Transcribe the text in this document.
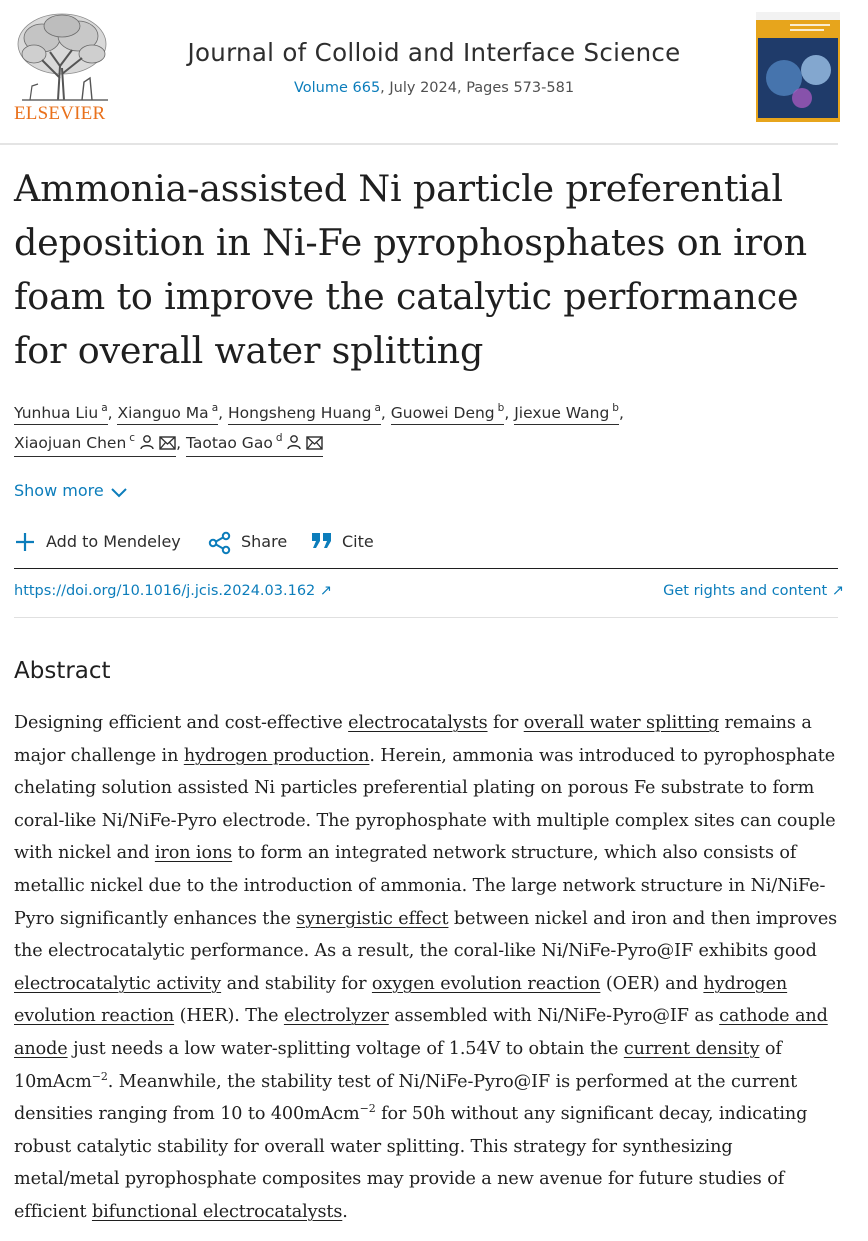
ELSEVIER
Journal of Colloid and Interface Science
Volume 665, July 2024, Pages 573-581
Ammonia-assisted Ni particle preferential deposition in Ni-Fe pyrophosphates on iron foam to improve the catalytic performance for overall water splitting
Yunhua Liu $^a$, Xianguo Ma $^a$, Hongsheng Huang $^a$, Guowei Deng $^b$, Jiexue Wang $^b$,
Xiaojuan Chen $^c$	, Taotao Gao $^d$
Show more
Add to Mendeley	Share	Cite
https://doi.org/10.1016/j.jcis.2024.03.162 ↗	Get rights and content ↗
Abstract

Designing efficient and cost-effective electrocatalysts for overall water splitting remains a major challenge in hydrogen production. Herein, ammonia was introduced to pyrophosphate chelating solution assisted Ni particles preferential plating on porous Fe substrate to form coral-like Ni/NiFe-Pyro electrode. The pyrophosphate with multiple complex sites can couple with nickel and iron ions to form an integrated network structure, which also consists of metallic nickel due to the introduction of ammonia. The large network structure in Ni/NiFe-Pyro significantly enhances the synergistic effect between nickel and iron and then improves the electrocatalytic performance. As a result, the coral-like Ni/NiFe-Pyro@IF exhibits good electrocatalytic activity and stability for oxygen evolution reaction (OER) and hydrogen evolution reaction (HER). The electrolyzer assembled with Ni/NiFe-Pyro@IF as cathode and anode just needs a low water-splitting voltage of 1.54V to obtain the current density of 10mAcm$^{-2}$. Meanwhile, the stability test of Ni/NiFe-Pyro@IF is performed at the current densities ranging from 10 to 400mAcm$^{-2}$ for 50h without any significant decay, indicating robust catalytic stability for overall water splitting. This strategy for synthesizing metal/metal pyrophosphate composites may provide a new avenue for future studies of efficient bifunctional electrocatalysts.
